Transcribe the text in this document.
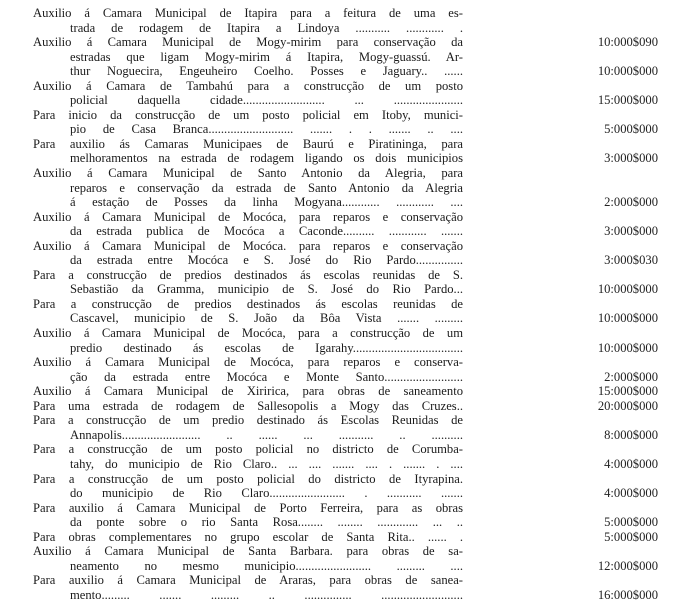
Auxilio á Camara Municipal de Itapira para a feitura de uma es-
trada de rodagem de Itapira a Lindoya ........... ............ .
Auxilio á Camara Municipal de Mogy-mirim para conservação da	10:000$090
estradas que ligam Mogy-mirim á Itapira, Mogy-guassú. Ar-
thur Noguecira, Engeuheiro Coelho. Posses e Jaguary.. ......	10:000$000
Auxilio á Camara de Tambahú para a construcção de um posto
policial daquella cidade.......................... ... ......................	15:000$000
Para inicio da construcção de um posto policial em Itoby, munici-
pio de Casa Branca........................... ....... . . ....... .. ....	5:000$000
Para auxilio ás Camaras Municipaes de Baurú e Piratininga, para
melhoramentos na estrada de rodagem ligando os dois municipios	3:000$000
Auxilio á Camara Municipal de Santo Antonio da Alegria, para
reparos e conservação da estrada de Santo Antonio da Alegria
á estação de Posses da linha Mogyana............ ............ ....	2:000$000
Auxilio á Camara Municipal de Mocóca, para reparos e conservação
da estrada publica de Mocóca a Caconde.......... ............ .......	3:000$000
Auxilio á Camara Municipal de Mocóca. para reparos e conservação
da estrada entre Mocóca e S. José do Rio Pardo...............	3:000$030
Para a construcção de predios destinados ás escolas reunidas de S.
Sebastião da Gramma, municipio de S. José do Rio Pardo...	10:000$000
Para a construcção de predios destinados ás escolas reunidas de
Cascavel, municipio de S. João da Bôa Vista ....... .........	10:000$000
Auxilio á Camara Municipal de Mocóca, para a construcção de um
predio destinado ás escolas de Igarahy...................................	10:000$000
Auxilio á Camara Municipal de Mocóca, para reparos e conserva-
ção da estrada entre Mocóca e Monte Santo.........................	2:000$000
Auxilio á Camara Municipal de Xiririca, para obras de saneamento	15:000$000
Para uma estrada de rodagem de Sallesopolis a Mogy das Cruzes..	20:000$000
Para a construcção de um predio destinado ás Escolas Reunidas de
Annapolis......................... .. ...... ... ........... .. ..........	8:000$000
Para a construcção de um posto policial no districto de Corumba-
tahy, do municipio de Rio Claro.. ... .... ....... .... . ....... . ....	4:000$000
Para a construcção de um posto policial do districto de Ityrapina.
do municipio de Rio Claro........................ . ........... .......	4:000$000
Para auxilio á Camara Municipal de Porto Ferreira, para as obras
da ponte sobre o rio Santa Rosa........ ........ ............. ... ..	5:000$000
Para obras complementares no grupo escolar de Santa Rita.. ...... .	5:000$000
Auxilio á Camara Municipal de Santa Barbara. para obras de sa-
neamento no mesmo municipio........................ ......... ....	12:000$000
Para auxilio á Camara Municipal de Araras, para obras de sanea-
mento......... ....... ......... .. ............... ..........................	16:000$000
